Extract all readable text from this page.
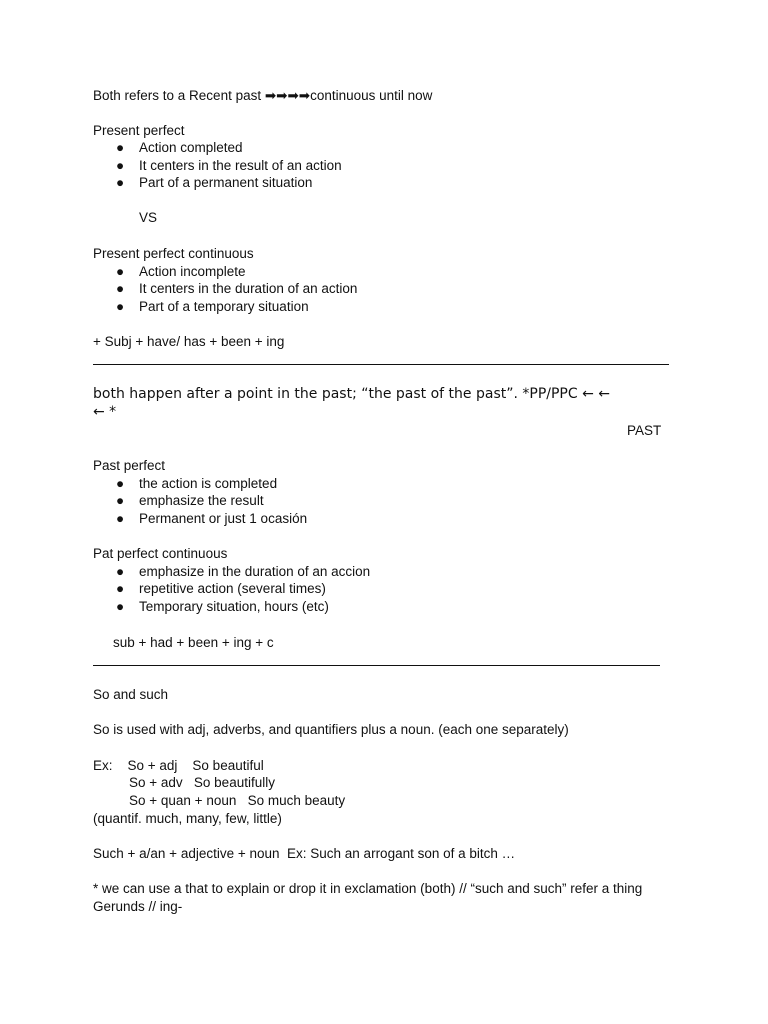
Both refers to a Recent past ➡➡➡➡continuous until now
Present perfect
● Action completed
● It centers in the result of an action
● Part of a permanent situation
VS
Present perfect continuous
● Action incomplete
● It centers in the duration of an action
● Part of a temporary situation
+ Subj + have/ has + been + ing
both happen after a point in the past; “the past of the past”. *PP/PPC ← ←
← *
PAST
Past perfect
● the action is completed
● emphasize the result
● Permanent or just 1 ocasión
Pat perfect continuous
● emphasize in the duration of an accion
● repetitive action (several times)
● Temporary situation, hours (etc)
sub + had + been + ing + c
So and such
So is used with adj, adverbs, and quantifiers plus a noun. (each one separately)
Ex:    So + adj    So beautiful
So + adv   So beautifully
So + quan + noun   So much beauty
(quantif. much, many, few, little)
Such + a/an + adjective + noun  Ex: Such an arrogant son of a bitch …
* we can use a that to explain or drop it in exclamation (both) // “such and such” refer a thing
Gerunds // ing-
